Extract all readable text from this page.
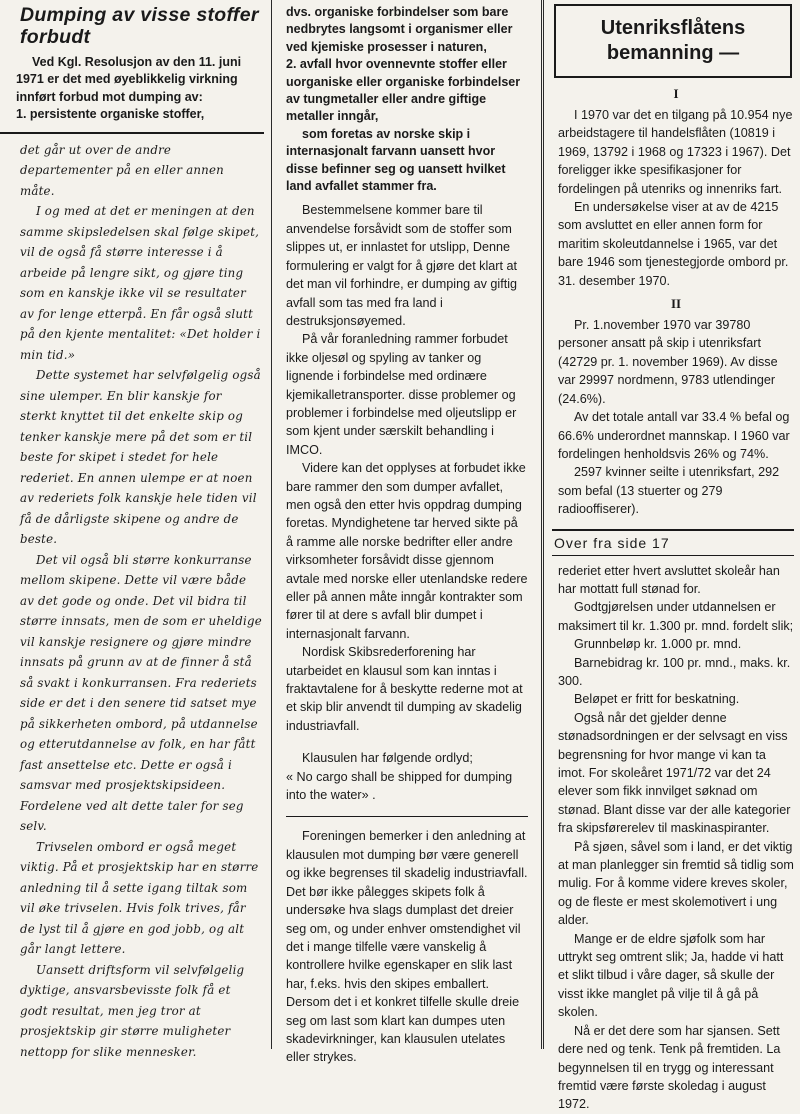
Dumping av visse stoffer forbudt

Ved Kgl. Resolusjon av den 11. juni 1971 er det med øyeblikkelig virkning innført forbud mot dumping av:

1. persistente organiske stoffer,

det går ut over de andre departementer på en eller annen måte.

I og med at det er meningen at den samme skipsledelsen skal følge skipet, vil de også få større interesse i å arbeide på lengre sikt, og gjøre ting som en kanskje ikke vil se resultater av for lenge etterpå. En får også slutt på den kjente mentalitet: «Det holder i min tid.»

Dette systemet har selvfølgelig også sine ulemper. En blir kanskje for sterkt knyttet til det enkelte skip og tenker kanskje mere på det som er til beste for skipet i stedet for hele rederiet. En annen ulempe er at noen av rederiets folk kanskje hele tiden vil få de dårligste skipene og andre de beste.

Det vil også bli større konkurranse mellom skipene. Dette vil være både av det gode og onde. Det vil bidra til større innsats, men de som er uheldige vil kanskje resignere og gjøre mindre innsats på grunn av at de finner å stå så svakt i konkurransen. Fra rederiets side er det i den senere tid satset mye på sikkerheten ombord, på utdannelse og etterutdannelse av folk, en har fått fast ansettelse etc. Dette er også i samsvar med prosjektskipsideen. Fordelene ved alt dette taler for seg selv.

Trivselen ombord er også meget viktig. På et prosjektskip har en større anledning til å sette igang tiltak som vil øke trivselen. Hvis folk trives, får de lyst til å gjøre en god jobb, og alt går langt lettere.

Uansett driftsform vil selvfølgelig dyktige, ansvarsbevisste folk få et godt resultat, men jeg tror at prosjektskip gir større muligheter nettopp for slike mennesker.

dvs. organiske forbindelser som bare nedbrytes langsomt i organismer eller ved kjemiske prosesser i naturen,

2. avfall hvor ovennevnte stoffer eller uorganiske eller organiske forbindelser av tungmetaller eller andre giftige metaller inngår,

som foretas av norske skip i internasjonalt farvann uansett hvor disse befinner seg og uansett hvilket land avfallet stammer fra.

Bestemmelsene kommer bare til anvendelse forsåvidt som de stoffer som slippes ut, er innlastet for utslipp, Denne formulering er valgt for å gjøre det klart at det man vil forhindre, er dumping av giftig avfall som tas med fra land i destruksjonsøyemed.

På vår foranledning rammer forbudet ikke oljesøl og spyling av tanker og lignende i forbindelse med ordinære kjemikalletransporter. disse problemer og problemer i forbindelse med oljeutslipp er som kjent under særskilt behandling i IMCO.

Videre kan det opplyses at forbudet ikke bare rammer den som dumper avfallet, men også den etter hvis oppdrag dumping foretas. Myndighetene tar herved sikte på å ramme alle norske bedrifter eller andre virksomheter forsåvidt disse gjennom avtale med norske eller utenlandske redere eller på annen måte inngår kontrakter som fører til at dere s avfall blir dumpet i internasjonalt farvann.

Nordisk Skibsrederforening har utarbeidet en klausul som kan inntas i fraktavtalene for å beskytte rederne mot at et skip blir anvendt til dumping av skadelig industriavfall.

Klausulen har følgende ordlyd;

« No cargo shall be shipped for dumping into the water» .

Foreningen bemerker i den anledning at klausulen mot dumping bør være generell og ikke begrenses til skadelig industriavfall. Det bør ikke pålegges skipets folk å undersøke hva slags dumplast det dreier seg om, og under enhver omstendighet vil det i mange tilfelle være vanskelig å kontrollere hvilke egenskaper en slik last har, f.eks. hvis den skipes emballert. Dersom det i et konkret tilfelle skulle dreie seg om last som klart kan dumpes uten skadevirkninger, kan klausulen utelates eller strykes.

Utenriksflåtens bemanning —
I

I 1970 var det en tilgang på 10.954 nye arbeidstagere til handelsflåten (10819 i 1969, 13792 i 1968 og 17323 i 1967). Det foreligger ikke spesifikasjoner for fordelingen på utenriks og innenriks fart.

En undersøkelse viser at av de 4215 som avsluttet en eller annen form for maritim skoleutdannelse i 1965, var det bare 1946 som tjenestegjorde ombord pr. 31. desember 1970.

II

Pr. 1.november 1970 var 39780 personer ansatt på skip i utenriksfart (42729 pr. 1. november 1969). Av disse var 29997 nordmenn, 9783 utlendinger (24.6%).

Av det totale antall var 33.4 % befal og 66.6% underordnet mannskap. I 1960 var fordelingen henholdsvis 26% og 74%.

2597 kvinner seilte i utenriksfart, 292 som befal (13 stuerter og 279 radiooffiserer).

Over fra side 17

rederiet etter hvert avsluttet skoleår han har mottatt full stønad for.

Godtgjørelsen under utdannelsen er maksimert til kr. 1.300 pr. mnd. fordelt slik;

Grunnbeløp kr. 1.000 pr. mnd.

Barnebidrag kr. 100 pr. mnd., maks. kr. 300.

Beløpet er fritt for beskatning.

Også når det gjelder denne stønadsordningen er der selvsagt en viss begrensning for hvor mange vi kan ta imot. For skoleåret 1971/72 var det 24 elever som fikk innvilget søknad om stønad. Blant disse var der alle kategorier fra skipsførerelev til maskinaspiranter.

På sjøen, såvel som i land, er det viktig at man planlegger sin fremtid så tidlig som mulig. For å komme videre kreves skoler, og de fleste er mest skolemotivert i ung alder.

Mange er de eldre sjøfolk som har uttrykt seg omtrent slik; Ja, hadde vi hatt et slikt tilbud i våre dager, så skulle der visst ikke manglet på vilje til å gå på skolen.

Nå er det dere som har sjansen. Sett dere ned og tenk. Tenk på fremtiden. La begynnelsen til en trygg og interessant fremtid være første skoledag i august 1972.
